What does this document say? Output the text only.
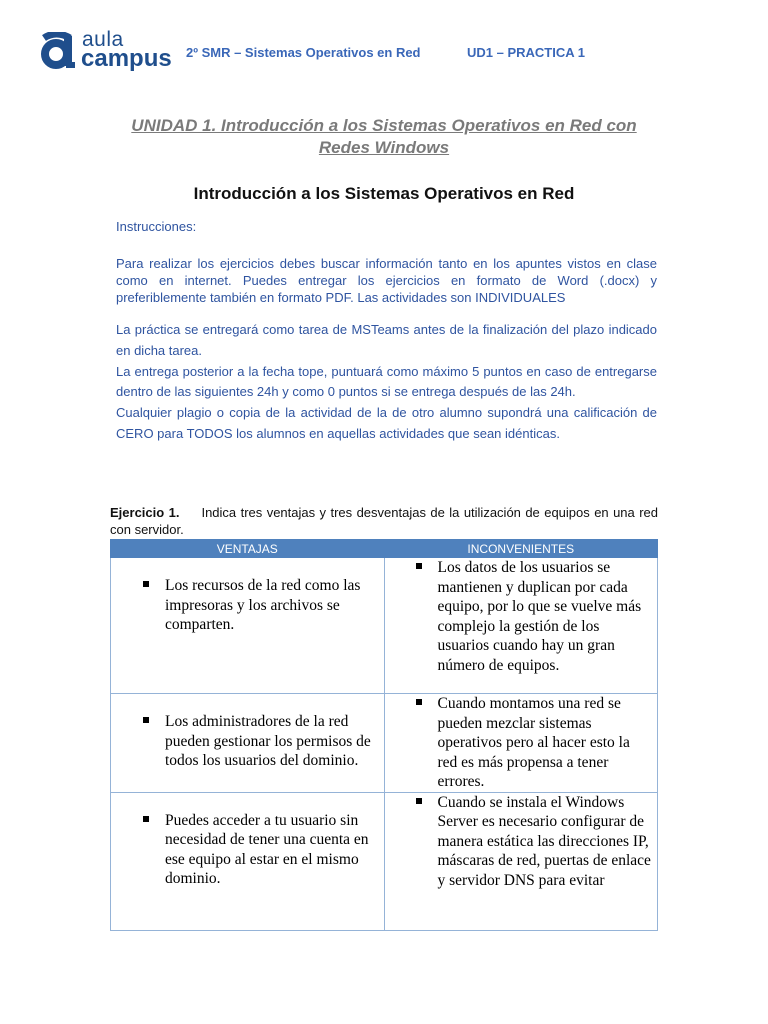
aula
campus 2º SMR – Sistemas Operativos en Red	UD1 – PRACTICA 1
UNIDAD 1. Introducción a los Sistemas Operativos en Red con Redes Windows
Introducción a los Sistemas Operativos en Red
Instrucciones:

Para realizar los ejercicios debes buscar información tanto en los apuntes vistos en clase como en internet. Puedes entregar los ejercicios en formato de Word (.docx) y preferiblemente también en formato PDF. Las actividades son INDIVIDUALES

La práctica se entregará como tarea de MSTeams antes de la finalización del plazo indicado en dicha tarea.

La entrega posterior a la fecha tope, puntuará como máximo 5 puntos en caso de entregarse dentro de las siguientes 24h y como 0 puntos si se entrega después de las 24h.

Cualquier plagio o copia de la actividad de la de otro alumno supondrá una calificación de CERO para TODOS los alumnos en aquellas actividades que sean idénticas.

Ejercicio 1. Indica tres ventajas y tres desventajas de la utilización de equipos en una red con servidor.
VENTAJAS	INCONVENIENTES

Los recursos de la red como las impresoras y los archivos se comparten.	Los datos de los usuarios se mantienen y duplican por cada equipo, por lo que se vuelve más complejo la gestión de los usuarios cuando hay un gran número de equipos.

Los administradores de la red pueden gestionar los permisos de todos los usuarios del dominio.	Cuando montamos una red se pueden mezclar sistemas operativos pero al hacer esto la red es más propensa a tener errores.

Puedes acceder a tu usuario sin necesidad de tener una cuenta en ese equipo al estar en el mismo dominio.	Cuando se instala el Windows Server es necesario configurar de manera estática las direcciones IP, máscaras de red, puertas de enlace y servidor DNS para evitar
